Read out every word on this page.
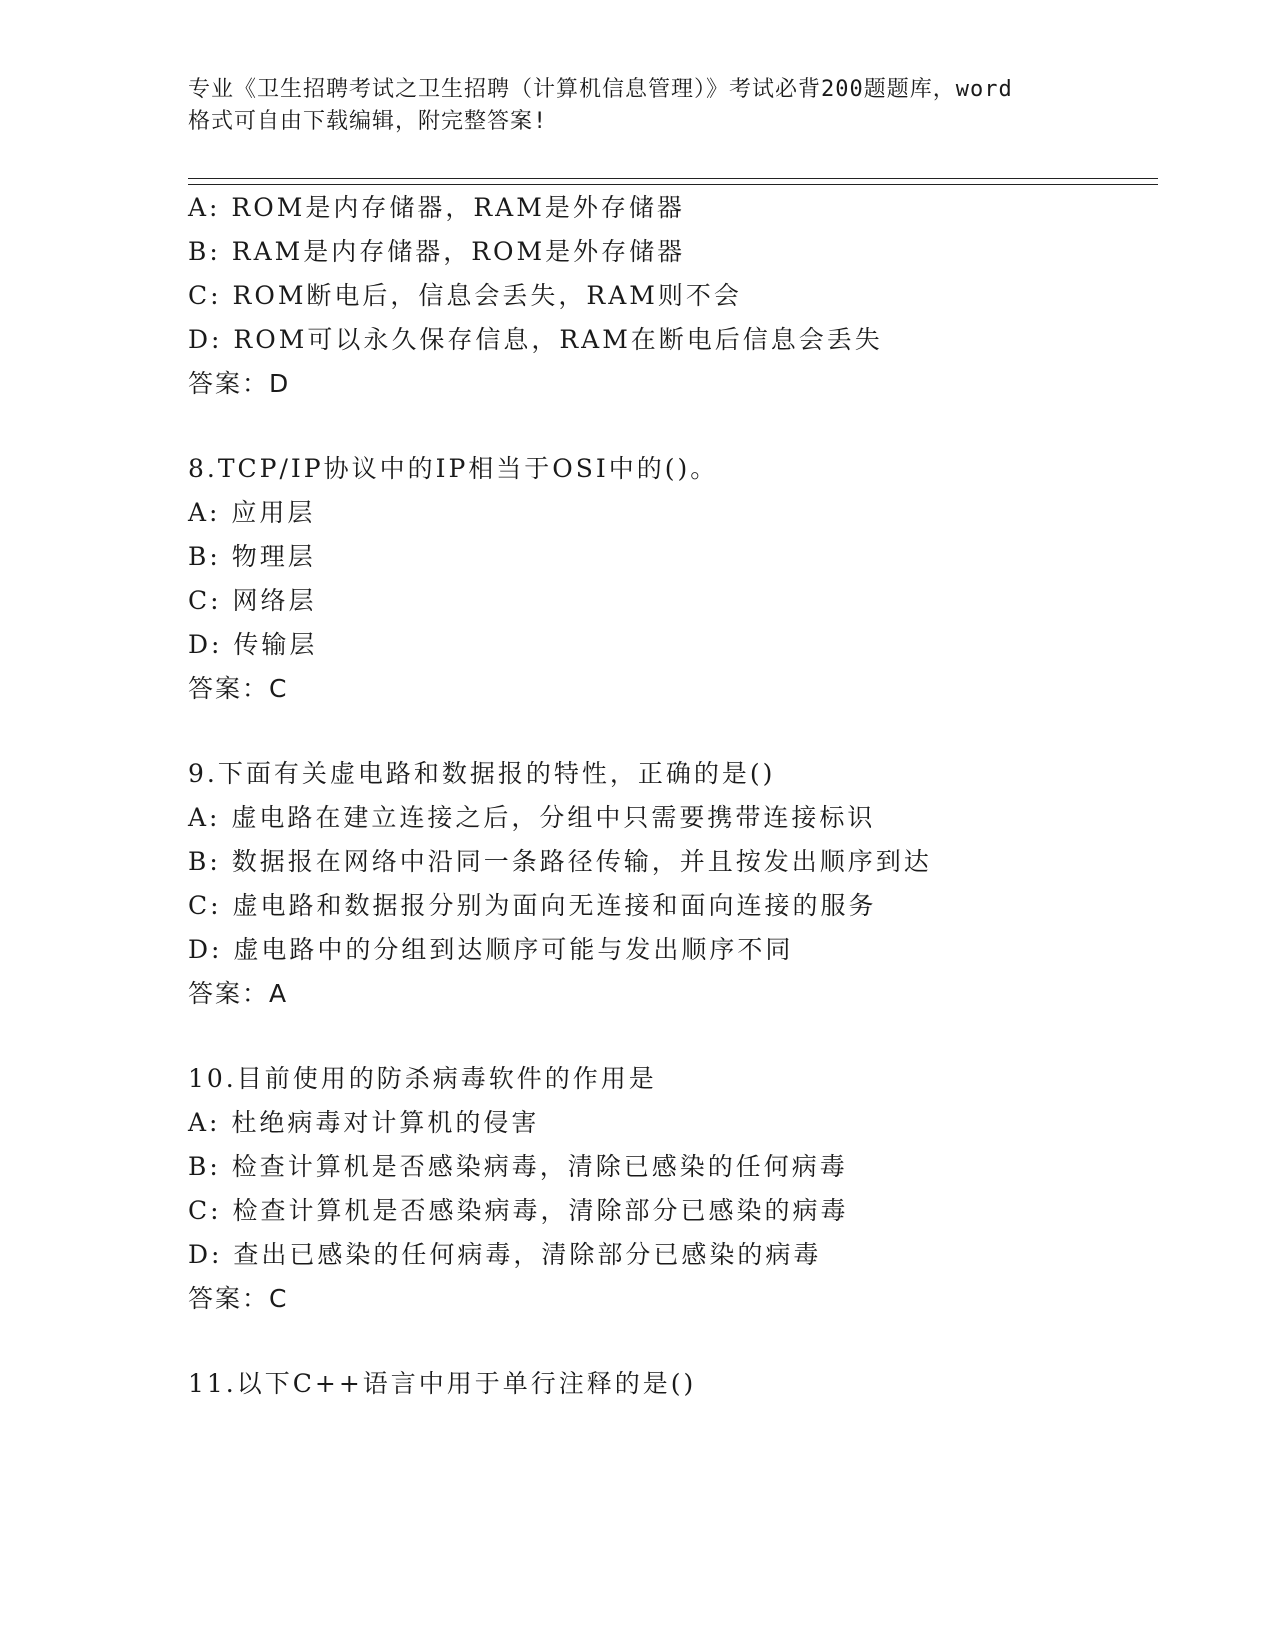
专业《卫生招聘考试之卫生招聘（计算机信息管理）》考试必背200题题库，word
格式可自由下载编辑，附完整答案!
A: ROM是内存储器，RAM是外存储器
B: RAM是内存储器，ROM是外存储器
C: ROM断电后，信息会丢失，RAM则不会
D: ROM可以永久保存信息，RAM在断电后信息会丢失
答案：D
8.TCP/IP协议中的IP相当于OSI中的()。
A: 应用层
B: 物理层
C: 网络层
D: 传输层
答案：C
9.下面有关虚电路和数据报的特性，正确的是()
A: 虚电路在建立连接之后，分组中只需要携带连接标识
B: 数据报在网络中沿同一条路径传输，并且按发出顺序到达
C: 虚电路和数据报分别为面向无连接和面向连接的服务
D: 虚电路中的分组到达顺序可能与发出顺序不同
答案：A
10.目前使用的防杀病毒软件的作用是
A: 杜绝病毒对计算机的侵害
B: 检查计算机是否感染病毒，清除已感染的任何病毒
C: 检查计算机是否感染病毒，清除部分已感染的病毒
D: 查出已感染的任何病毒，清除部分已感染的病毒
答案：C
11.以下C++语言中用于单行注释的是()
